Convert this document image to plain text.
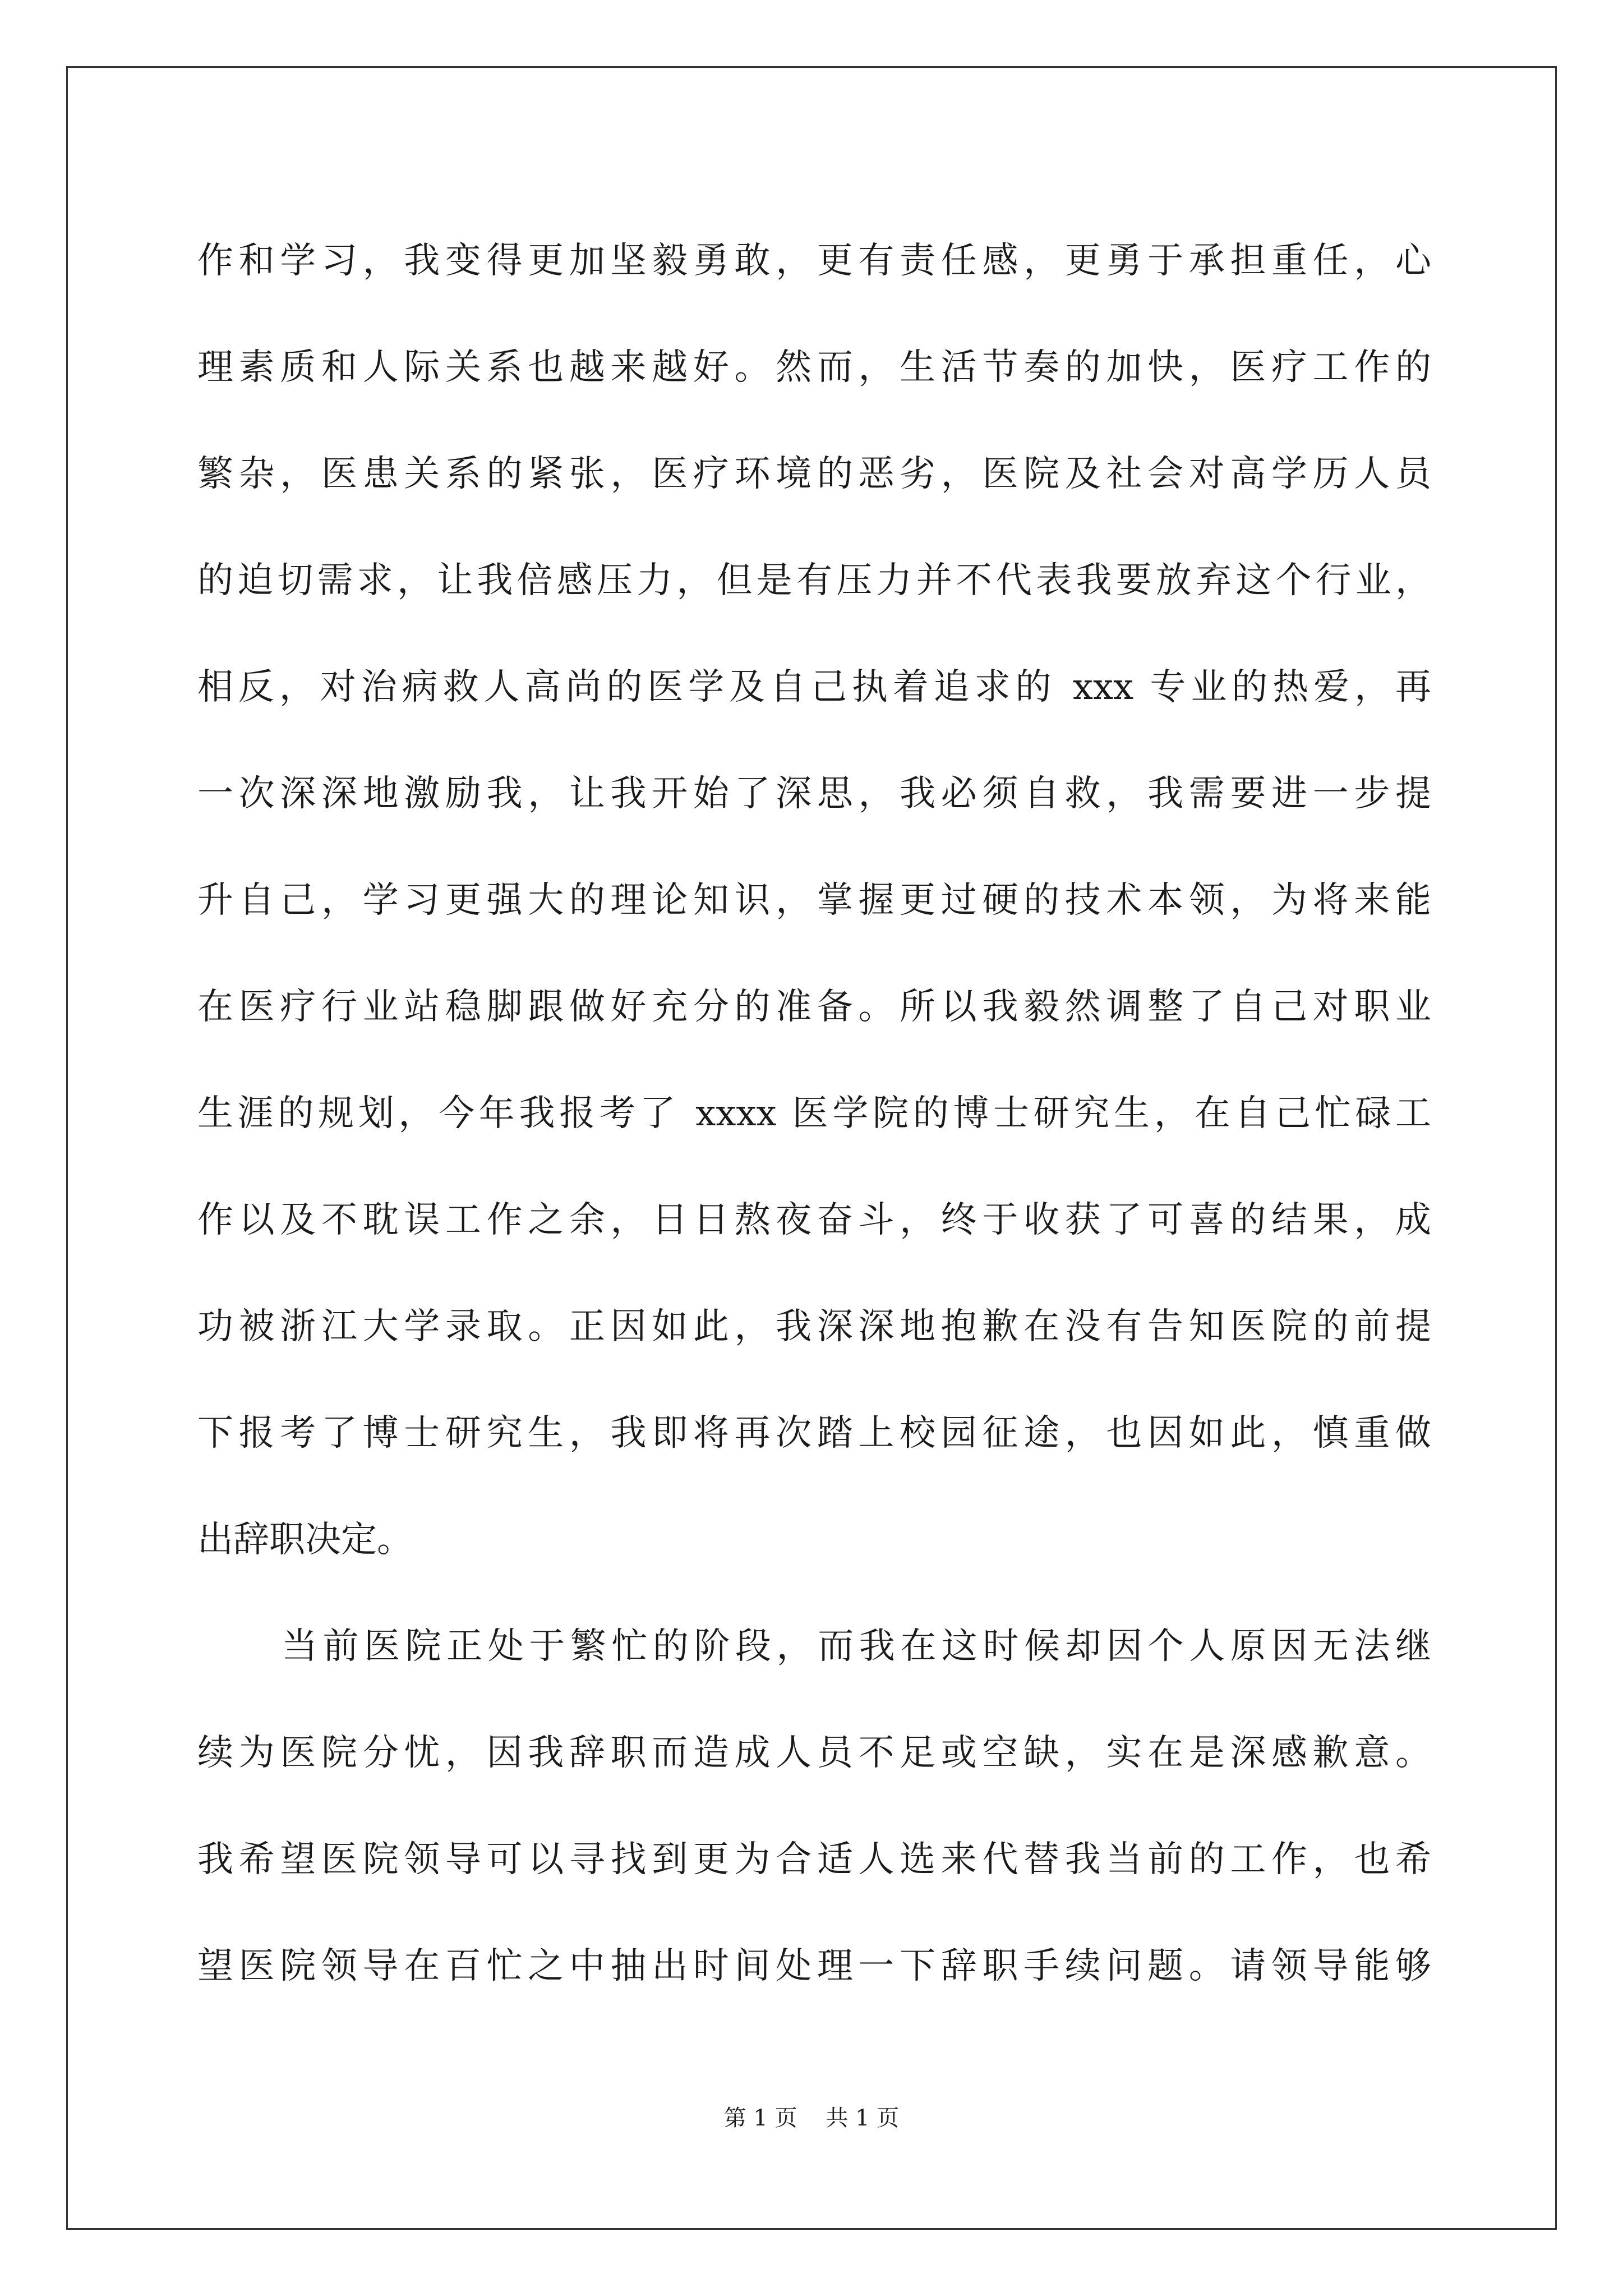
作和学习，我变得更加坚毅勇敢，更有责任感，更勇于承担重任，心
理素质和人际关系也越来越好。然而，生活节奏的加快，医疗工作的
繁杂，医患关系的紧张，医疗环境的恶劣，医院及社会对高学历人员
的迫切需求，让我倍感压力，但是有压力并不代表我要放弃这个行业，
相反，对治病救人高尚的医学及自己执着追求的 xxx 专业的热爱，再
一次深深地激励我，让我开始了深思，我必须自救，我需要进一步提
升自己，学习更强大的理论知识，掌握更过硬的技术本领，为将来能
在医疗行业站稳脚跟做好充分的准备。所以我毅然调整了自己对职业
生涯的规划，今年我报考了 xxxx 医学院的博士研究生，在自己忙碌工
作以及不耽误工作之余，日日熬夜奋斗，终于收获了可喜的结果，成
功被浙江大学录取。正因如此，我深深地抱歉在没有告知医院的前提
下报考了博士研究生，我即将再次踏上校园征途，也因如此，慎重做
出辞职决定。
当前医院正处于繁忙的阶段，而我在这时候却因个人原因无法继
续为医院分忧，因我辞职而造成人员不足或空缺，实在是深感歉意。
我希望医院领导可以寻找到更为合适人选来代替我当前的工作，也希
望医院领导在百忙之中抽出时间处理一下辞职手续问题。请领导能够
第 1 页    共 1 页
